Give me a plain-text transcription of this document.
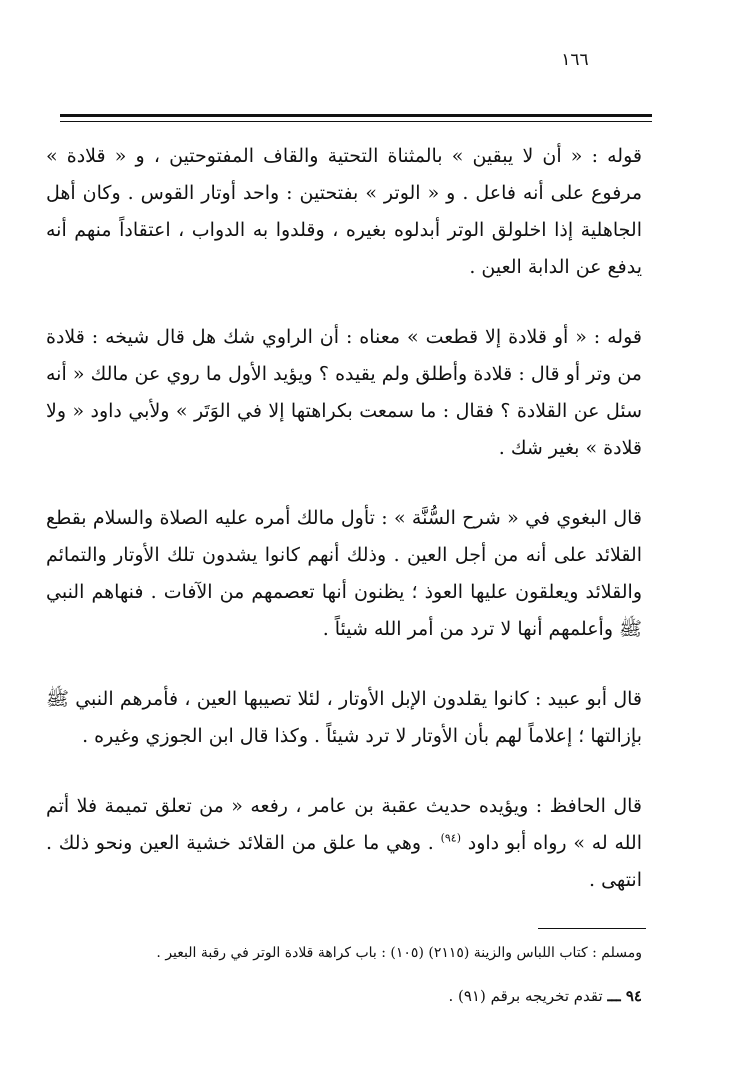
١٦٦

قوله : « أن لا يبقين » بالمثناة التحتية والقاف المفتوحتين ، و « قلادة » مرفوع على أنه فاعل . و « الوتر » بفتحتين : واحد أوتار القوس . وكان أهل الجاهلية إذا اخلولق الوتر أبدلوه بغيره ، وقلدوا به الدواب ، اعتقاداً منهم أنه يدفع عن الدابة العين .

قوله : « أو قلادة إلا قطعت » معناه : أن الراوي شك هل قال شيخه : قلادة من وتر أو قال : قلادة وأطلق ولم يقيده ؟ ويؤيد الأول ما روي عن مالك « أنه سئل عن القلادة ؟ فقال : ما سمعت بكراهتها إلا في الوَتَر » ولأبي داود « ولا قلادة » بغير شك .

قال البغوي في « شرح السُّنَّة » : تأول مالك أمره عليه الصلاة والسلام بقطع القلائد على أنه من أجل العين . وذلك أنهم كانوا يشدون تلك الأوتار والتمائم والقلائد ويعلقون عليها العوذ ؛ يظنون أنها تعصمهم من الآفات . فنهاهم النبي ﷺ وأعلمهم أنها لا ترد من أمر الله شيئاً .

قال أبو عبيد : كانوا يقلدون الإبل الأوتار ، لئلا تصيبها العين ، فأمرهم النبي ﷺ بإزالتها ؛ إعلاماً لهم بأن الأوتار لا ترد شيئاً . وكذا قال ابن الجوزي وغيره .

قال الحافظ : ويؤيده حديث عقبة بن عامر ، رفعه « من تعلق تميمة فلا أتم الله له » رواه أبو داود $^{(٩٤)}$ . وهي ما علق من القلائد خشية العين ونحو ذلك . انتهى .

ومسلم : كتاب اللباس والزينة (٢١١٥) (١٠٥) : باب كراهة قلادة الوتر في رقبة البعير .
٩٤ ـــ تقدم تخريجه برقم (٩١) .
